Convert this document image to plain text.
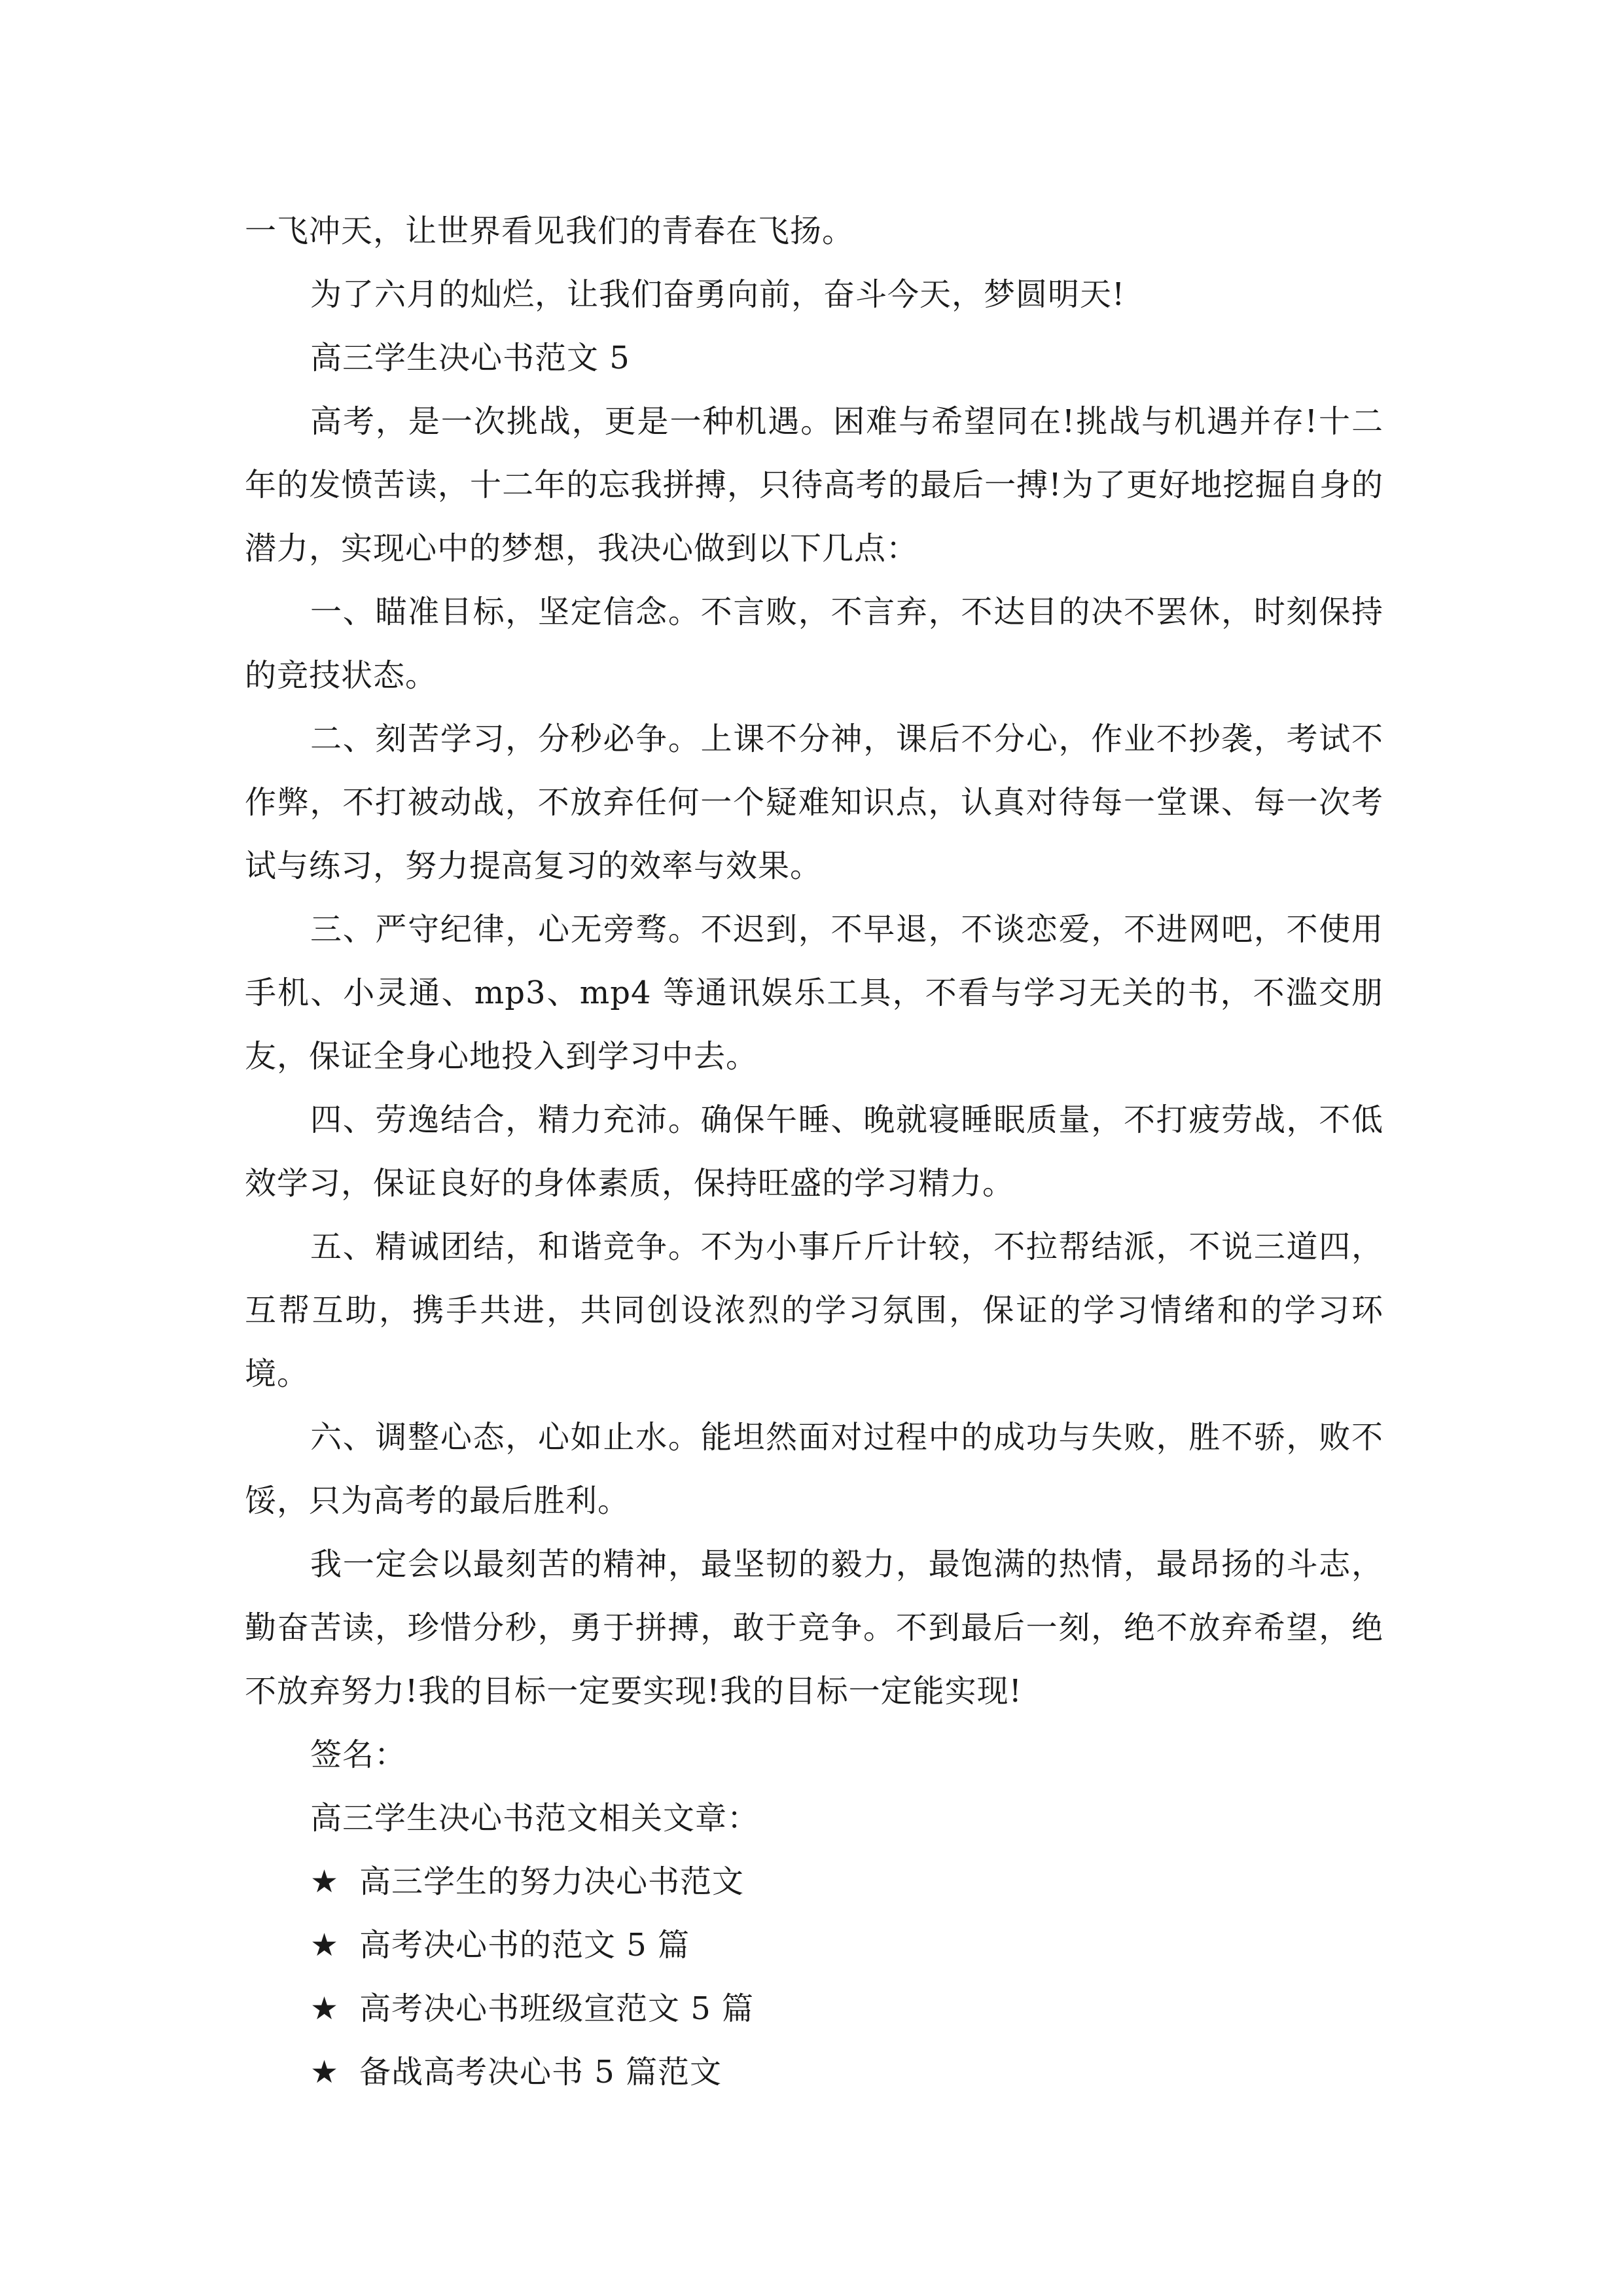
一飞冲天，让世界看见我们的青春在飞扬。

为了六月的灿烂，让我们奋勇向前，奋斗今天，梦圆明天!

高三学生决心书范文 5

高考，是一次挑战，更是一种机遇。困难与希望同在!挑战与机遇并存!十二年的发愤苦读，十二年的忘我拼搏，只待高考的最后一搏!为了更好地挖掘自身的潜力，实现心中的梦想，我决心做到以下几点：

一、瞄准目标，坚定信念。不言败，不言弃，不达目的决不罢休，时刻保持的竞技状态。

二、刻苦学习，分秒必争。上课不分神，课后不分心，作业不抄袭，考试不作弊，不打被动战，不放弃任何一个疑难知识点，认真对待每一堂课、每一次考试与练习，努力提高复习的效率与效果。

三、严守纪律，心无旁骛。不迟到，不早退，不谈恋爱，不进网吧，不使用手机、小灵通、mp3、mp4 等通讯娱乐工具，不看与学习无关的书，不滥交朋友，保证全身心地投入到学习中去。

四、劳逸结合，精力充沛。确保午睡、晚就寝睡眠质量，不打疲劳战，不低效学习，保证良好的身体素质，保持旺盛的学习精力。

五、精诚团结，和谐竞争。不为小事斤斤计较，不拉帮结派，不说三道四，互帮互助，携手共进，共同创设浓烈的学习氛围，保证的学习情绪和的学习环境。

六、调整心态，心如止水。能坦然面对过程中的成功与失败，胜不骄，败不馁，只为高考的最后胜利。

我一定会以最刻苦的精神，最坚韧的毅力，最饱满的热情，最昂扬的斗志，勤奋苦读，珍惜分秒，勇于拼搏，敢于竞争。不到最后一刻，绝不放弃希望，绝不放弃努力!我的目标一定要实现!我的目标一定能实现!

签名：

高三学生决心书范文相关文章：

★ 高三学生的努力决心书范文
★ 高考决心书的范文 5 篇
★ 高考决心书班级宣范文 5 篇
★ 备战高考决心书 5 篇范文
